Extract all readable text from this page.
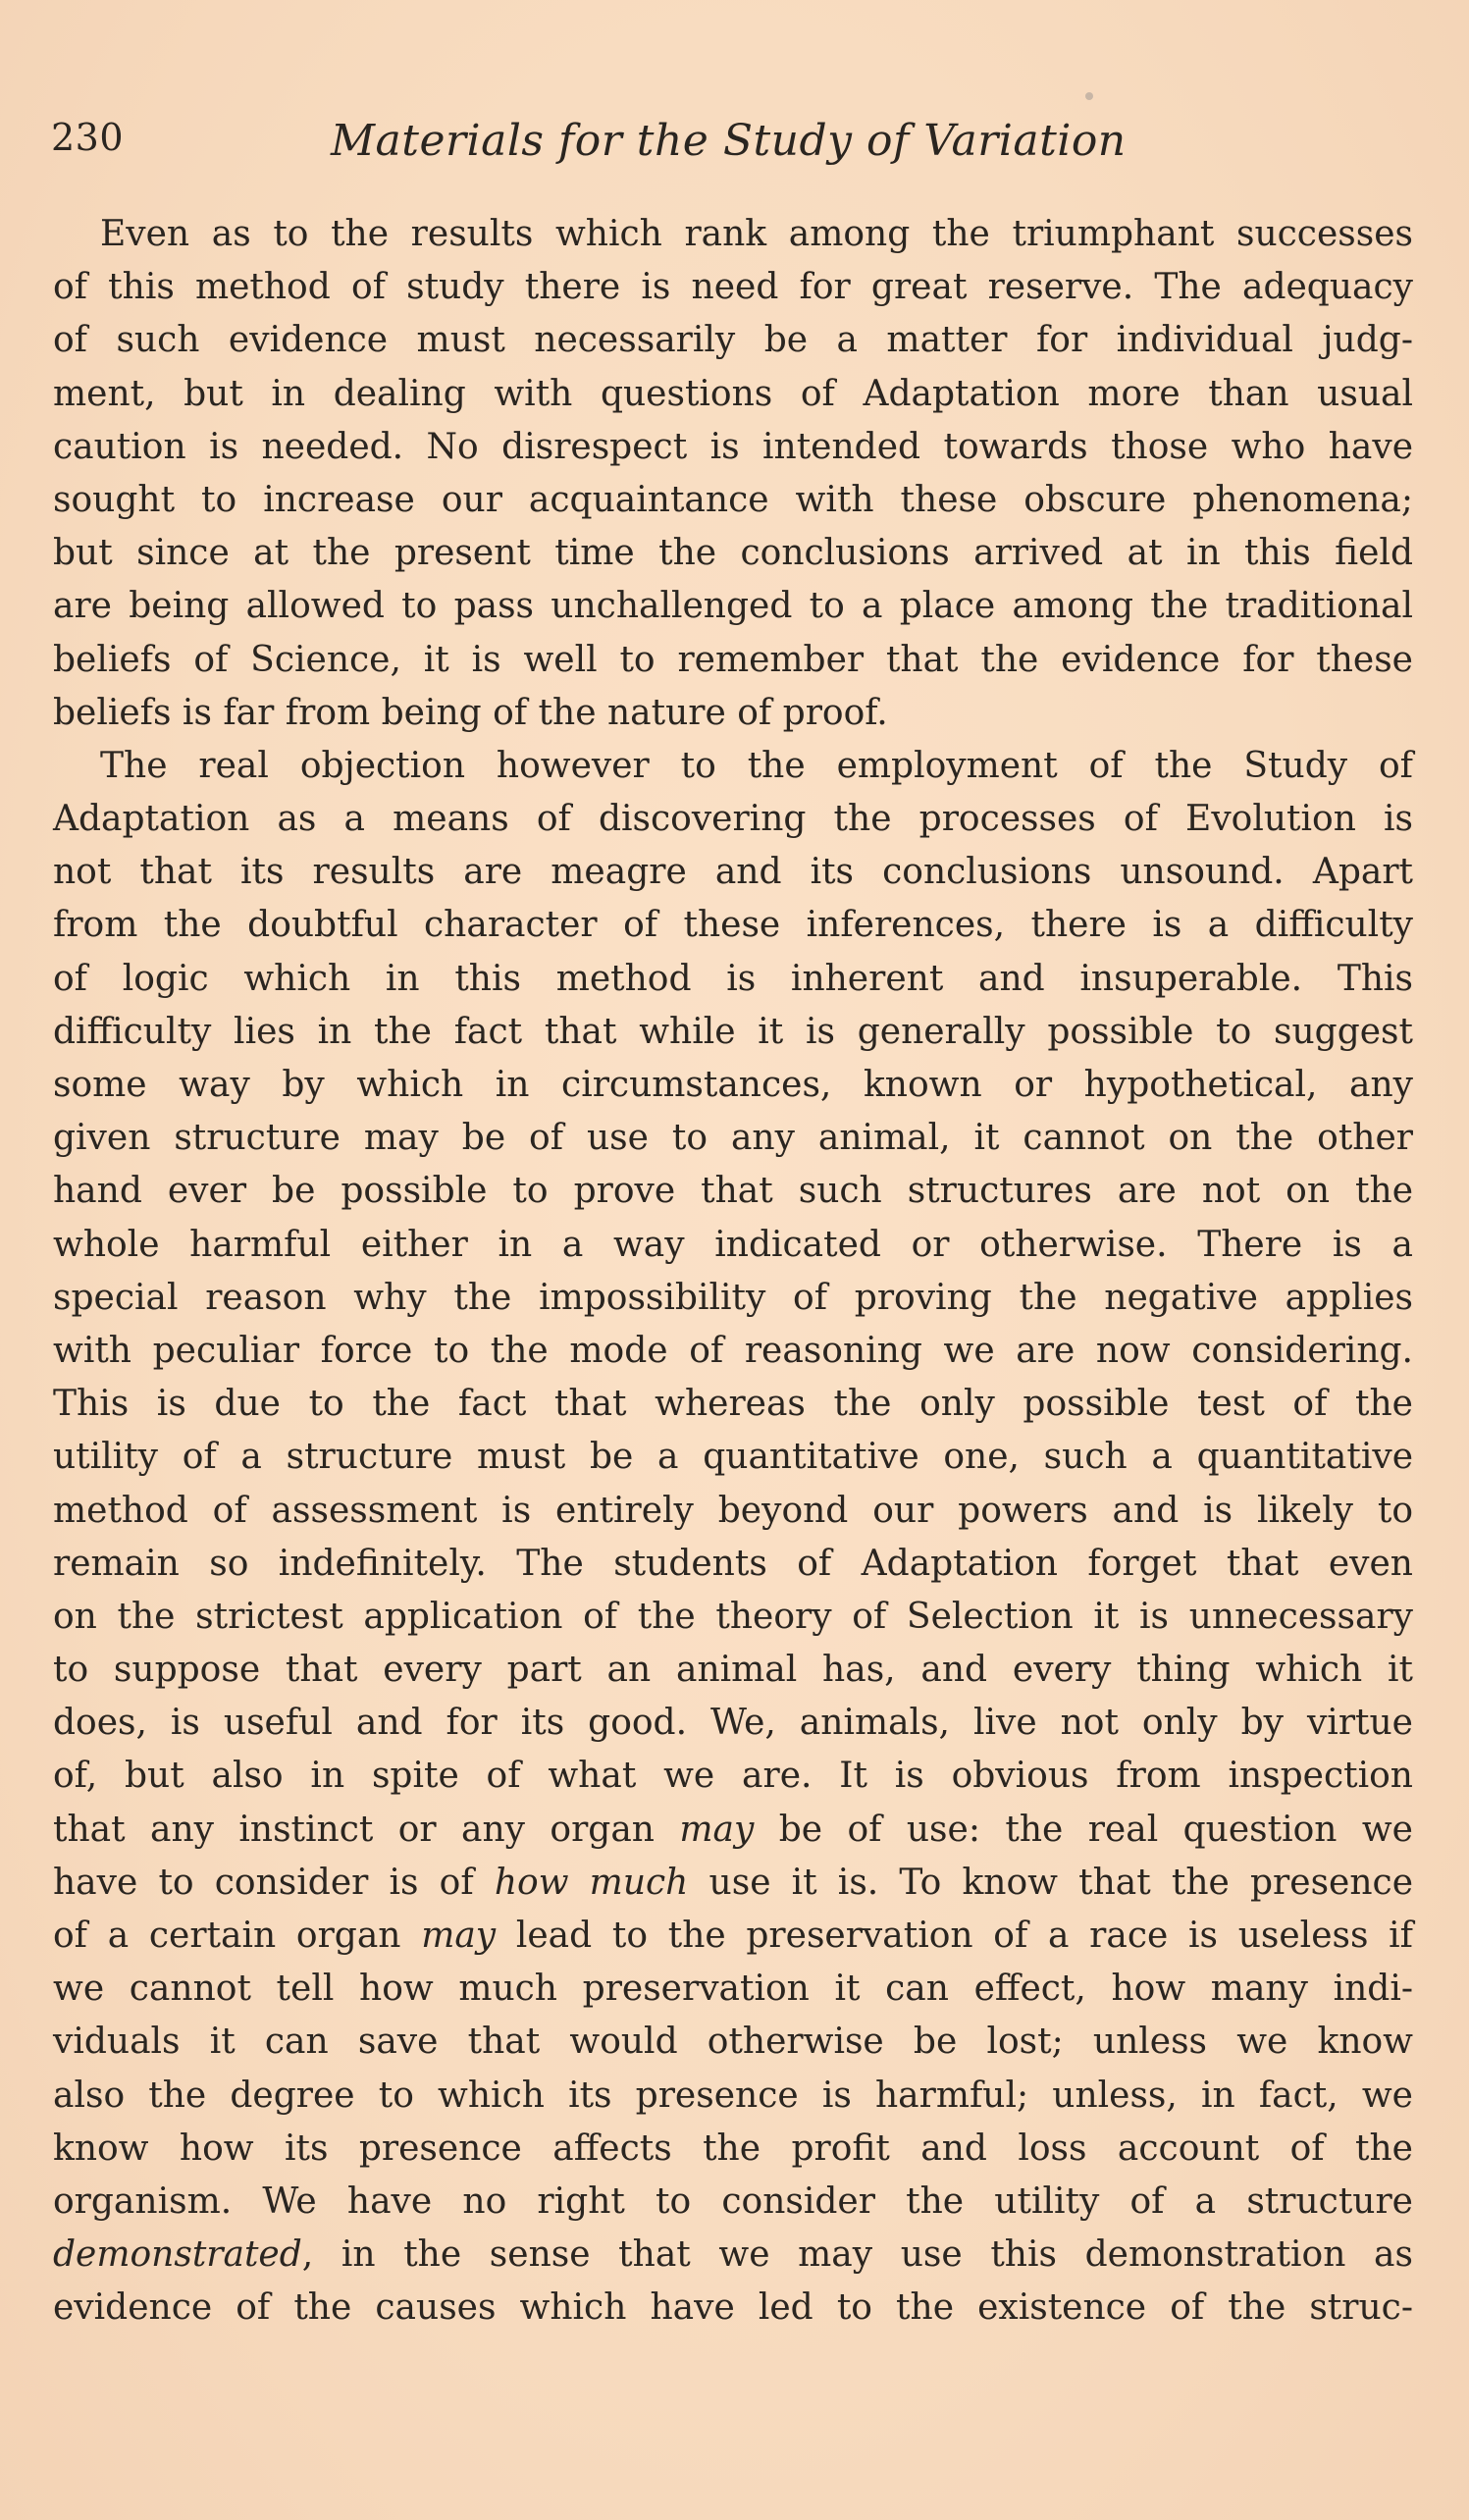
230	Materials for the Study of Variation
Even as to the results which rank among the triumphant successes
of this method of study there is need for great reserve. The adequacy
of such evidence must necessarily be a matter for individual judg-
ment, but in dealing with questions of Adaptation more than usual
caution is needed. No disrespect is intended towards those who have
sought to increase our acquaintance with these obscure phenomena;
but since at the present time the conclusions arrived at in this field
are being allowed to pass unchallenged to a place among the traditional
beliefs of Science, it is well to remember that the evidence for these
beliefs is far from being of the nature of proof.
The real objection however to the employment of the Study of
Adaptation as a means of discovering the processes of Evolution is
not that its results are meagre and its conclusions unsound. Apart
from the doubtful character of these inferences, there is a difficulty
of logic which in this method is inherent and insuperable. This
difficulty lies in the fact that while it is generally possible to suggest
some way by which in circumstances, known or hypothetical, any
given structure may be of use to any animal, it cannot on the other
hand ever be possible to prove that such structures are not on the
whole harmful either in a way indicated or otherwise. There is a
special reason why the impossibility of proving the negative applies
with peculiar force to the mode of reasoning we are now considering.
This is due to the fact that whereas the only possible test of the
utility of a structure must be a quantitative one, such a quantitative
method of assessment is entirely beyond our powers and is likely to
remain so indefinitely. The students of Adaptation forget that even
on the strictest application of the theory of Selection it is unnecessary
to suppose that every part an animal has, and every thing which it
does, is useful and for its good. We, animals, live not only by virtue
of, but also in spite of what we are. It is obvious from inspection
that any instinct or any organ may be of use: the real question we
have to consider is of how much use it is. To know that the presence
of a certain organ may lead to the preservation of a race is useless if
we cannot tell how much preservation it can effect, how many indi-
viduals it can save that would otherwise be lost; unless we know
also the degree to which its presence is harmful; unless, in fact, we
know how its presence affects the profit and loss account of the
organism. We have no right to consider the utility of a structure
demonstrated, in the sense that we may use this demonstration as
evidence of the causes which have led to the existence of the struc-
